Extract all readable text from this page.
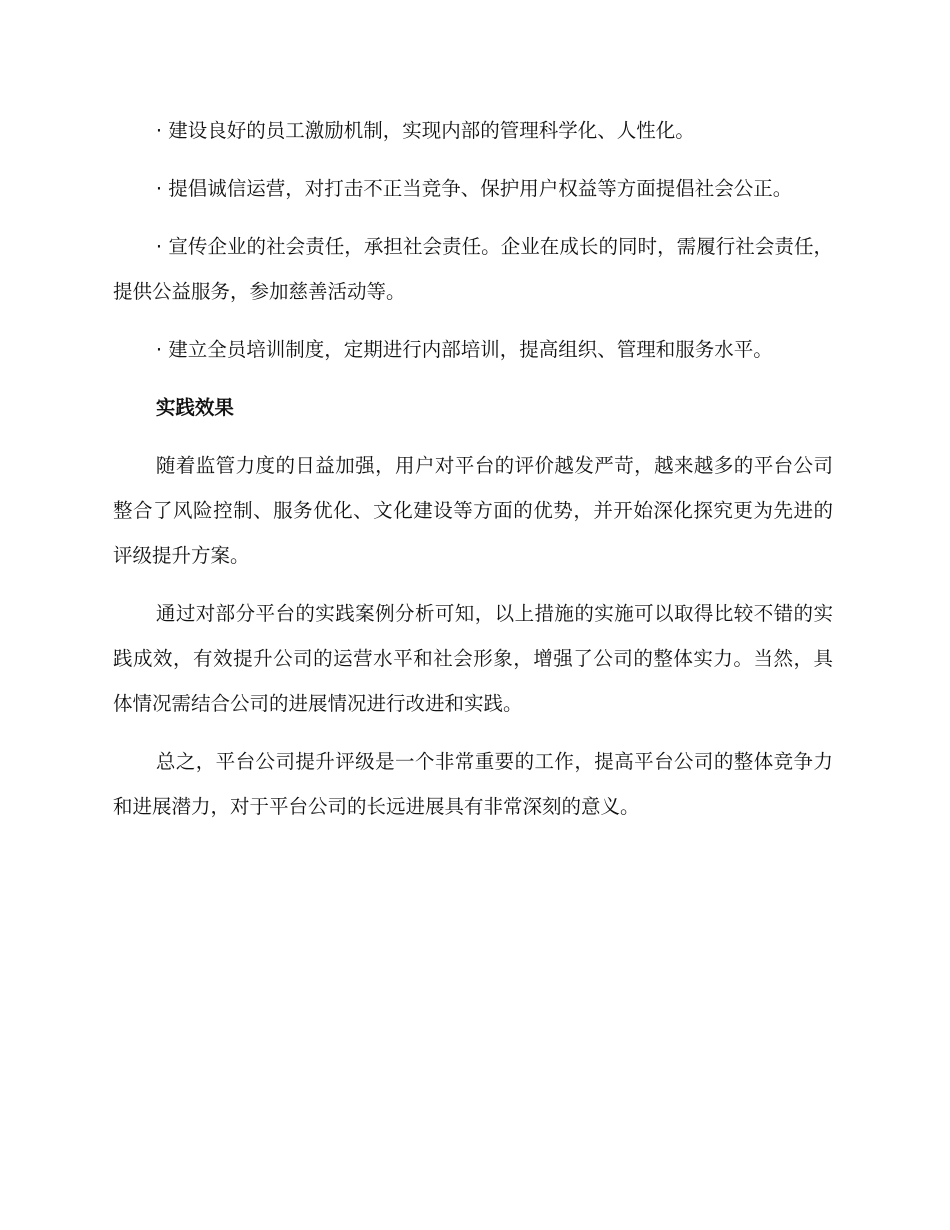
· 建设良好的员工激励机制，实现内部的管理科学化、人性化。

· 提倡诚信运营，对打击不正当竞争、保护用户权益等方面提倡社会公正。

· 宣传企业的社会责任，承担社会责任。企业在成长的同时，需履行社会责任，提供公益服务，参加慈善活动等。

· 建立全员培训制度，定期进行内部培训，提高组织、管理和服务水平。

实践效果

随着监管力度的日益加强，用户对平台的评价越发严苛，越来越多的平台公司整合了风险控制、服务优化、文化建设等方面的优势，并开始深化探究更为先进的评级提升方案。

通过对部分平台的实践案例分析可知，以上措施的实施可以取得比较不错的实践成效，有效提升公司的运营水平和社会形象，增强了公司的整体实力。当然，具体情况需结合公司的进展情况进行改进和实践。

总之，平台公司提升评级是一个非常重要的工作，提高平台公司的整体竞争力和进展潜力，对于平台公司的长远进展具有非常深刻的意义。
